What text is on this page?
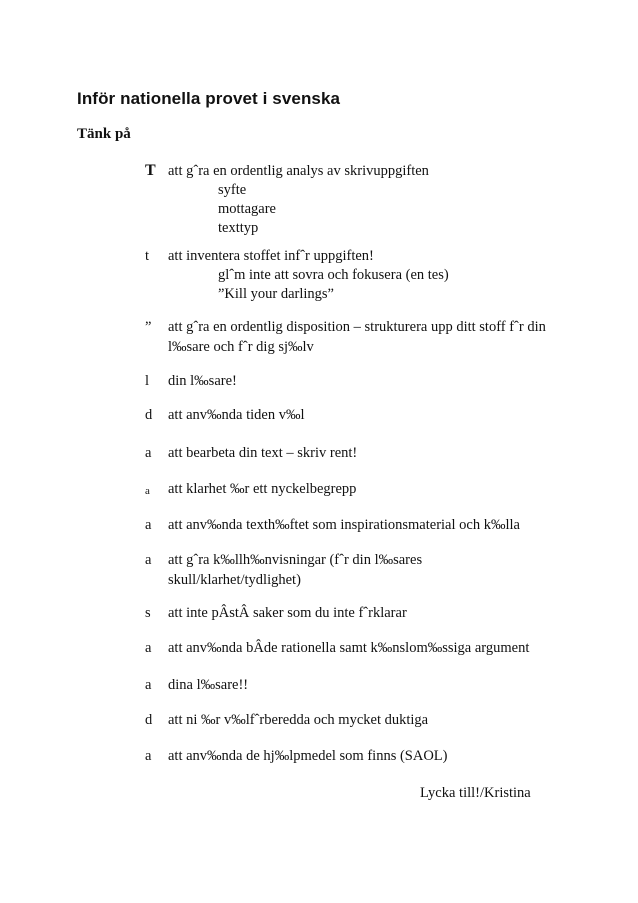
Inför nationella provet i svenska
Tänk på
T att gˆra en ordentlig analys av skrivuppgiften
syfte
mottagare
texttyp
t	att inventera stoffet infˆr uppgiften!
glˆm inte att sovra och fokusera (en tes)
”Kill your darlings”
”	att gˆra en ordentlig disposition – strukturera upp ditt stoff fˆr din
l‰sare och fˆr dig sj‰lv
l	din l‰sare!
d	att anv‰nda tiden v‰l
a	att bearbeta din text – skriv rent!
a	att klarhet ‰r ett nyckelbegrepp
a	att anv‰nda texth‰ftet som inspirationsmaterial och k‰lla
a	att gˆra k‰llh‰nvisningar (fˆr din l‰sares
skull/klarhet/tydlighet)
s	att inte pÂstÂ saker som du inte fˆrklarar
a	att anv‰nda bÂde rationella samt k‰nslom‰ssiga argument
a	dina l‰sare!!
d	att ni ‰r v‰lfˆrberedda och mycket duktiga
a	att anv‰nda de hj‰lpmedel som finns (SAOL)
Lycka till!/Kristina
